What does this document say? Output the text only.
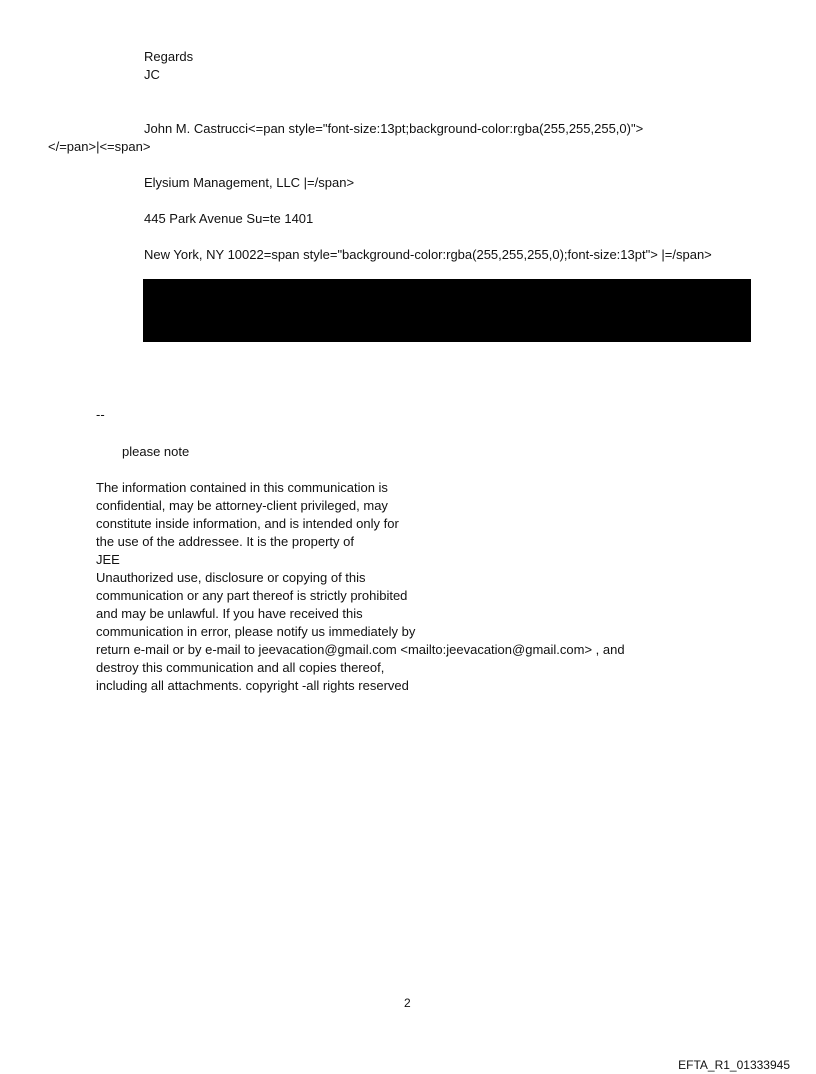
Regards
JC
John M. Castrucci<=pan style="font-size:13pt;background-color:rgba(255,255,255,0)">
</=pan>|<=span>
Elysium Management, LLC |=/span>
445 Park Avenue Su=te 1401
New York, NY 10022=span style="background-color:rgba(255,255,255,0);font-size:13pt"> |=/span>
--
please note
The information contained in this communication is
confidential, may be attorney-client privileged, may
constitute inside information, and is intended only for
the use of the addressee. It is the property of
JEE
Unauthorized use, disclosure or copying of this
communication or any part thereof is strictly prohibited
and may be unlawful. If you have received this
communication in error, please notify us immediately by
return e-mail or by e-mail to jeevacation@gmail.com <mailto:jeevacation@gmail.com> , and
destroy this communication and all copies thereof,
including all attachments. copyright -all rights reserved
2
EFTA_R1_01333945
